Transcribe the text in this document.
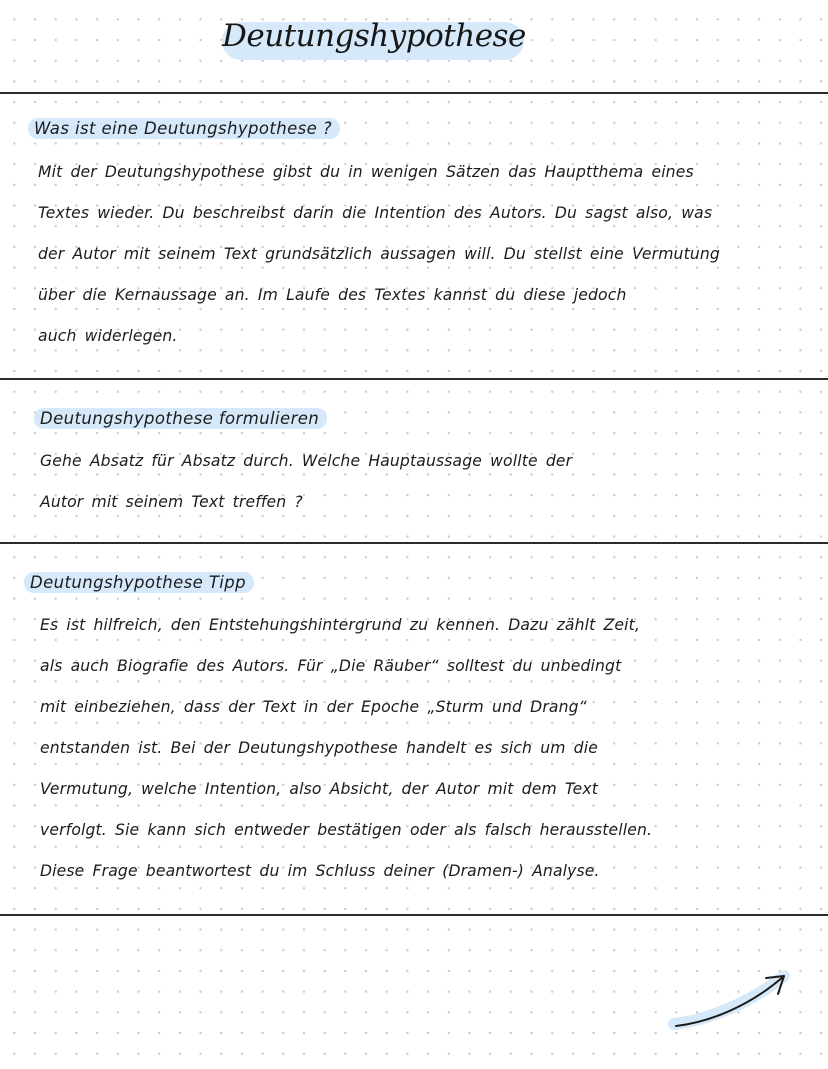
Deutungshypothese
Was ist eine Deutungshypothese ?
Mit der Deutungshypothese gibst du in wenigen Sätzen das Hauptthema eines
Textes wieder. Du beschreibst darin die Intention des Autors. Du sagst also, was
der Autor mit seinem Text grundsätzlich aussagen will. Du stellst eine Vermutung
über die Kernaussage an. Im Laufe des Textes kannst du diese jedoch
auch widerlegen.
Deutungshypothese formulieren
Gehe Absatz für Absatz durch. Welche Hauptaussage wollte der
Autor mit seinem Text treffen ?
Deutungshypothese Tipp
Es ist hilfreich, den Entstehungshintergrund zu kennen. Dazu zählt Zeit,
als auch Biografie des Autors. Für „Die Räuber“ solltest du unbedingt
mit einbeziehen, dass der Text in der Epoche „Sturm und Drang“
entstanden ist. Bei der Deutungshypothese handelt es sich um die
Vermutung, welche Intention, also Absicht, der Autor mit dem Text
verfolgt. Sie kann sich entweder bestätigen oder als falsch herausstellen.
Diese Frage beantwortest du im Schluss deiner (Dramen-) Analyse.
